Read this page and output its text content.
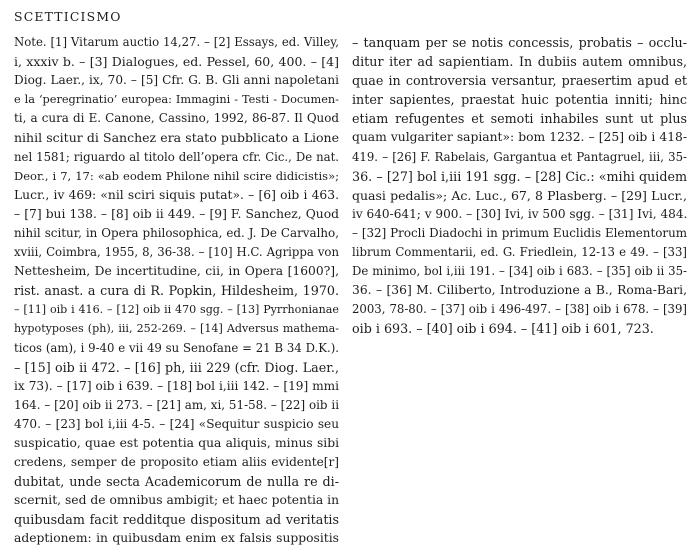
SCETTICISMO
Note. [1] Vitarum auctio 14,27. – [2] Essays, ed. Villey,
i, xxxiv b. – [3] Dialogues, ed. Pessel, 60, 400. – [4]
Diog. Laer., ix, 70. – [5] Cfr. G. B. Gli anni napoletani
e la ‘peregrinatio’ europea: Immagini - Testi - Documen-
ti, a cura di E. Canone, Cassino, 1992, 86-87. Il Quod
nihil scitur di Sanchez era stato pubblicato a Lione
nel 1581; riguardo al titolo dell’opera cfr. Cic., De nat.
Deor., i 7, 17: «ab eodem Philone nihil scire didicistis»;
Lucr., iv 469: «nil sciri siquis putat». – [6] oib i 463.
– [7] bui 138. – [8] oib ii 449. – [9] F. Sanchez, Quod
nihil scitur, in Opera philosophica, ed. J. De Carvalho,
xviii, Coimbra, 1955, 8, 36-38. – [10] H.C. Agrippa von
Nettesheim, De incertitudine, cii, in Opera [1600?],
rist. anast. a cura di R. Popkin, Hildesheim, 1970.
– [11] oib i 416. – [12] oib ii 470 sgg. – [13] Pyrrhonianae
hypotyposes (ph), iii, 252-269. – [14] Adversus mathema-
ticos (am), i 9-40 e vii 49 su Senofane = 21 B 34 D.K.).
– [15] oib ii 472. – [16] ph, iii 229 (cfr. Diog. Laer.,
ix 73). – [17] oib i 639. – [18] bol i,iii 142. – [19] mmi
164. – [20] oib ii 273. – [21] am, xi, 51-58. – [22] oib ii
470. – [23] bol i,iii 4-5. – [24] «Sequitur suspicio seu
suspicatio, quae est potentia qua aliquis, minus sibi
credens, semper de proposito etiam aliis evidente[r]
dubitat, unde secta Academicorum de nulla re di-
scernit, sed de omnibus ambigit; et haec potentia in
quibusdam facit redditque dispositum ad veritatis
adeptionem: in quibusdam enim ex falsis suppositis
– tanquam per se notis concessis, probatis – occlu-
ditur iter ad sapientiam. In dubiis autem omnibus,
quae in controversia versantur, praesertim apud et
inter sapientes, praestat huic potentia inniti; hinc
etiam refugentes et semoti inhabiles sunt ut plus
quam vulgariter sapiant»: bom 1232. – [25] oib i 418-
419. – [26] F. Rabelais, Gargantua et Pantagruel, iii, 35-
36. – [27] bol i,iii 191 sgg. – [28] Cic.: «mihi quidem
quasi pedalis»; Ac. Luc., 67, 8 Plasberg. – [29] Lucr.,
iv 640-641; v 900. – [30] Ivi, iv 500 sgg. – [31] Ivi, 484.
– [32] Procli Diadochi in primum Euclidis Elementorum
librum Commentarii, ed. G. Friedlein, 12-13 e 49. – [33]
De minimo, bol i,iii 191. – [34] oib i 683. – [35] oib ii 35-
36. – [36] M. Ciliberto, Introduzione a B., Roma-Bari,
2003, 78-80. – [37] oib i 496-497. – [38] oib i 678. – [39]
oib i 693. – [40] oib i 694. – [41] oib i 601, 723.
